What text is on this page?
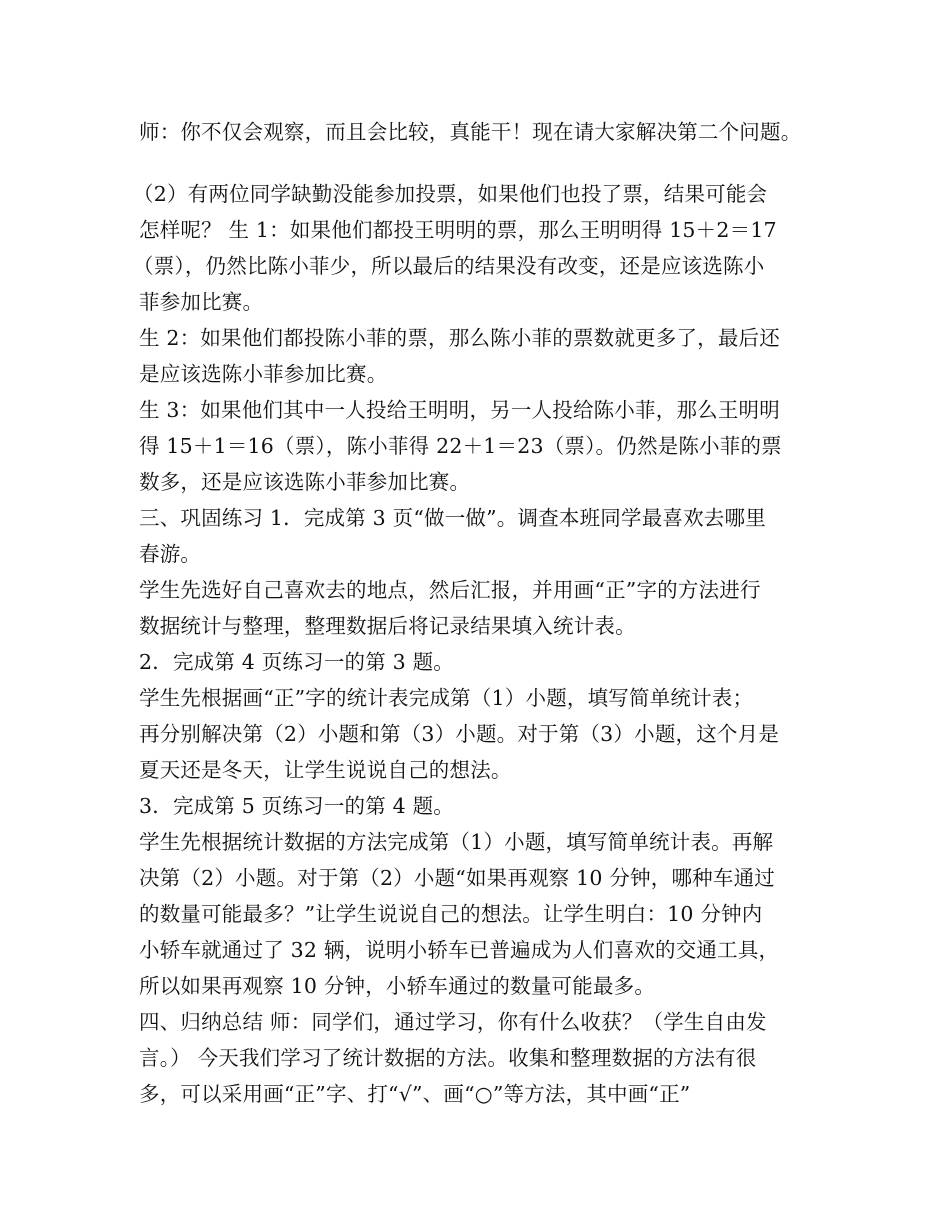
师：你不仅会观察，而且会比较，真能干！现在请大家解决第二个问题。
（2）有两位同学缺勤没能参加投票，如果他们也投了票，结果可能会
怎样呢？ 生 1：如果他们都投王明明的票，那么王明明得 15＋2＝17
（票），仍然比陈小菲少，所以最后的结果没有改变，还是应该选陈小
菲参加比赛。
生 2：如果他们都投陈小菲的票，那么陈小菲的票数就更多了，最后还
是应该选陈小菲参加比赛。
生 3：如果他们其中一人投给王明明，另一人投给陈小菲，那么王明明
得 15＋1＝16（票），陈小菲得 22＋1＝23（票）。仍然是陈小菲的票
数多，还是应该选陈小菲参加比赛。
三、巩固练习 1．完成第 3 页“做一做”。调查本班同学最喜欢去哪里
春游。
学生先选好自己喜欢去的地点，然后汇报，并用画“正”字的方法进行
数据统计与整理，整理数据后将记录结果填入统计表。
2．完成第 4 页练习一的第 3 题。
学生先根据画“正”字的统计表完成第（1）小题，填写简单统计表；
再分别解决第（2）小题和第（3）小题。对于第（3）小题，这个月是
夏天还是冬天，让学生说说自己的想法。
3．完成第 5 页练习一的第 4 题。
学生先根据统计数据的方法完成第（1）小题，填写简单统计表。再解
决第（2）小题。对于第（2）小题“如果再观察 10 分钟，哪种车通过
的数量可能最多？”让学生说说自己的想法。让学生明白：10 分钟内
小轿车就通过了 32 辆，说明小轿车已普遍成为人们喜欢的交通工具，
所以如果再观察 10 分钟，小轿车通过的数量可能最多。
四、归纳总结 师：同学们，通过学习，你有什么收获？（学生自由发
言。） 今天我们学习了统计数据的方法。收集和整理数据的方法有很
多，可以采用画“正”字、打“√”、画“○”等方法，其中画“正”
